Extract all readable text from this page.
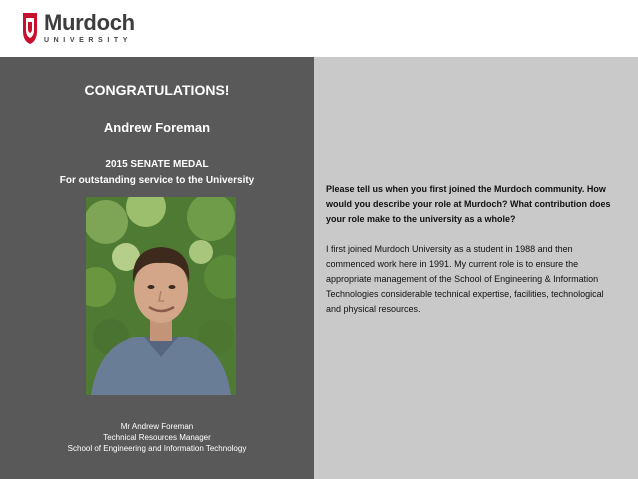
Murdoch
UNIVERSITY
CONGRATULATIONS!
Andrew Foreman
2015 SENATE MEDAL
For outstanding service to the University
Mr Andrew Foreman
Technical Resources Manager
School of Engineering and Information Technology
Please tell us when you first joined the Murdoch community. How would you describe your role at Murdoch? What contribution does your role make to the university as a whole?
I first joined Murdoch University as a student in 1988 and then commenced work here in 1991. My current role is to ensure the appropriate management of the School of Engineering & Information Technologies considerable technical expertise, facilities, technological and physical resources.
